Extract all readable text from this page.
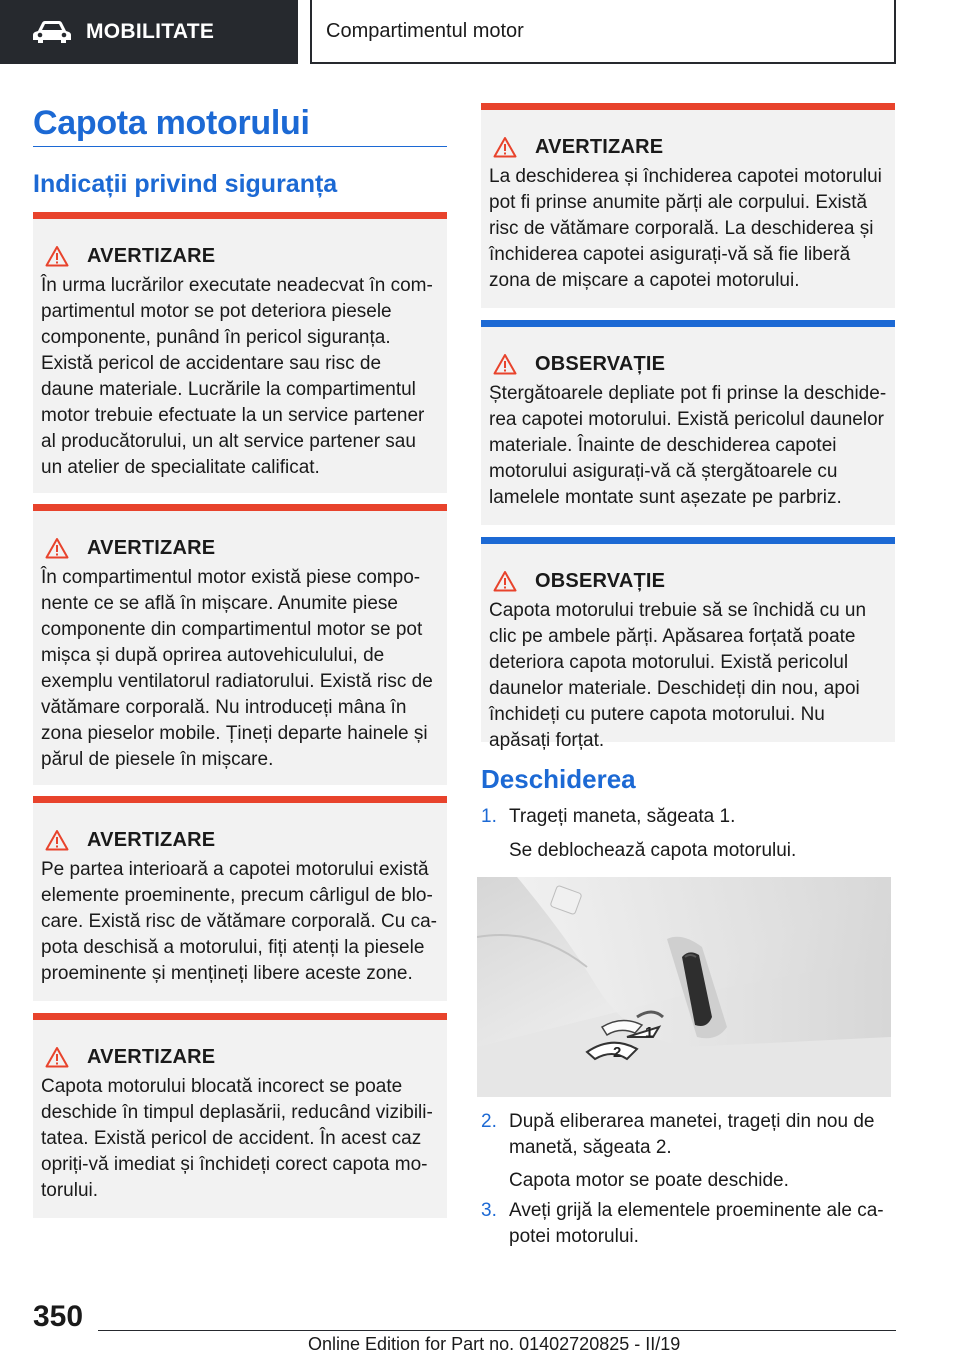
MOBILITATE	Compartimentul motor
Capota motorului
Indicații privind siguranța
AVERTIZARE
În urma lucrărilor executate neadecvat în compartimentul motor se pot deteriora piesele componente, punând în pericol siguranța. Există pericol de accidentare sau risc de daune materiale. Lucrările la compartimentul motor trebuie efectuate la un service partener al producătorului, un alt service partener sau un atelier de specialitate calificat.
AVERTIZARE
În compartimentul motor există piese componente ce se află în mișcare. Anumite piese componente din compartimentul motor se pot mișca și după oprirea autovehiculului, de exemplu ventilatorul radiatorului. Există risc de vătămare corporală. Nu introduceți mâna în zona pieselor mobile. Țineți departe hainele și părul de piesele în mișcare.
AVERTIZARE
Pe partea interioară a capotei motorului există elemente proeminente, precum cârligul de blocare. Există risc de vătămare corporală. Cu capota deschisă a motorului, fiți atenți la piesele proeminente și mențineți libere aceste zone.
AVERTIZARE
Capota motorului blocată incorect se poate deschide în timpul deplasării, reducând vizibilitatea. Există pericol de accident. În acest caz opriți-vă imediat și închideți corect capota motorului.
AVERTIZARE
La deschiderea și închiderea capotei motorului pot fi prinse anumite părți ale corpului. Există risc de vătămare corporală. La deschiderea și închiderea capotei asigurați-vă să fie liberă zona de mișcare a capotei motorului.
OBSERVAȚIE
Ștergătoarele depliate pot fi prinse la deschiderea capotei motorului. Există pericolul daunelor materiale. Înainte de deschiderea capotei motorului asigurați-vă că ștergătoarele cu lamelele montate sunt așezate pe parbriz.
OBSERVAȚIE
Capota motorului trebuie să se închidă cu un clic pe ambele părți. Apăsarea forțată poate deteriora capota motorului. Există pericolul daunelor materiale. Deschideți din nou, apoi închideți cu putere capota motorului. Nu apăsați forțat.
Deschiderea
1. Trageți maneta, săgeata 1.
Se deblochează capota motorului.
1
2
2. După eliberarea manetei, trageți din nou de manetă, săgeata 2.
Capota motor se poate deschide.
3. Aveți grijă la elementele proeminente ale capotei motorului.
350
Online Edition for Part no. 01402720825 - II/19
